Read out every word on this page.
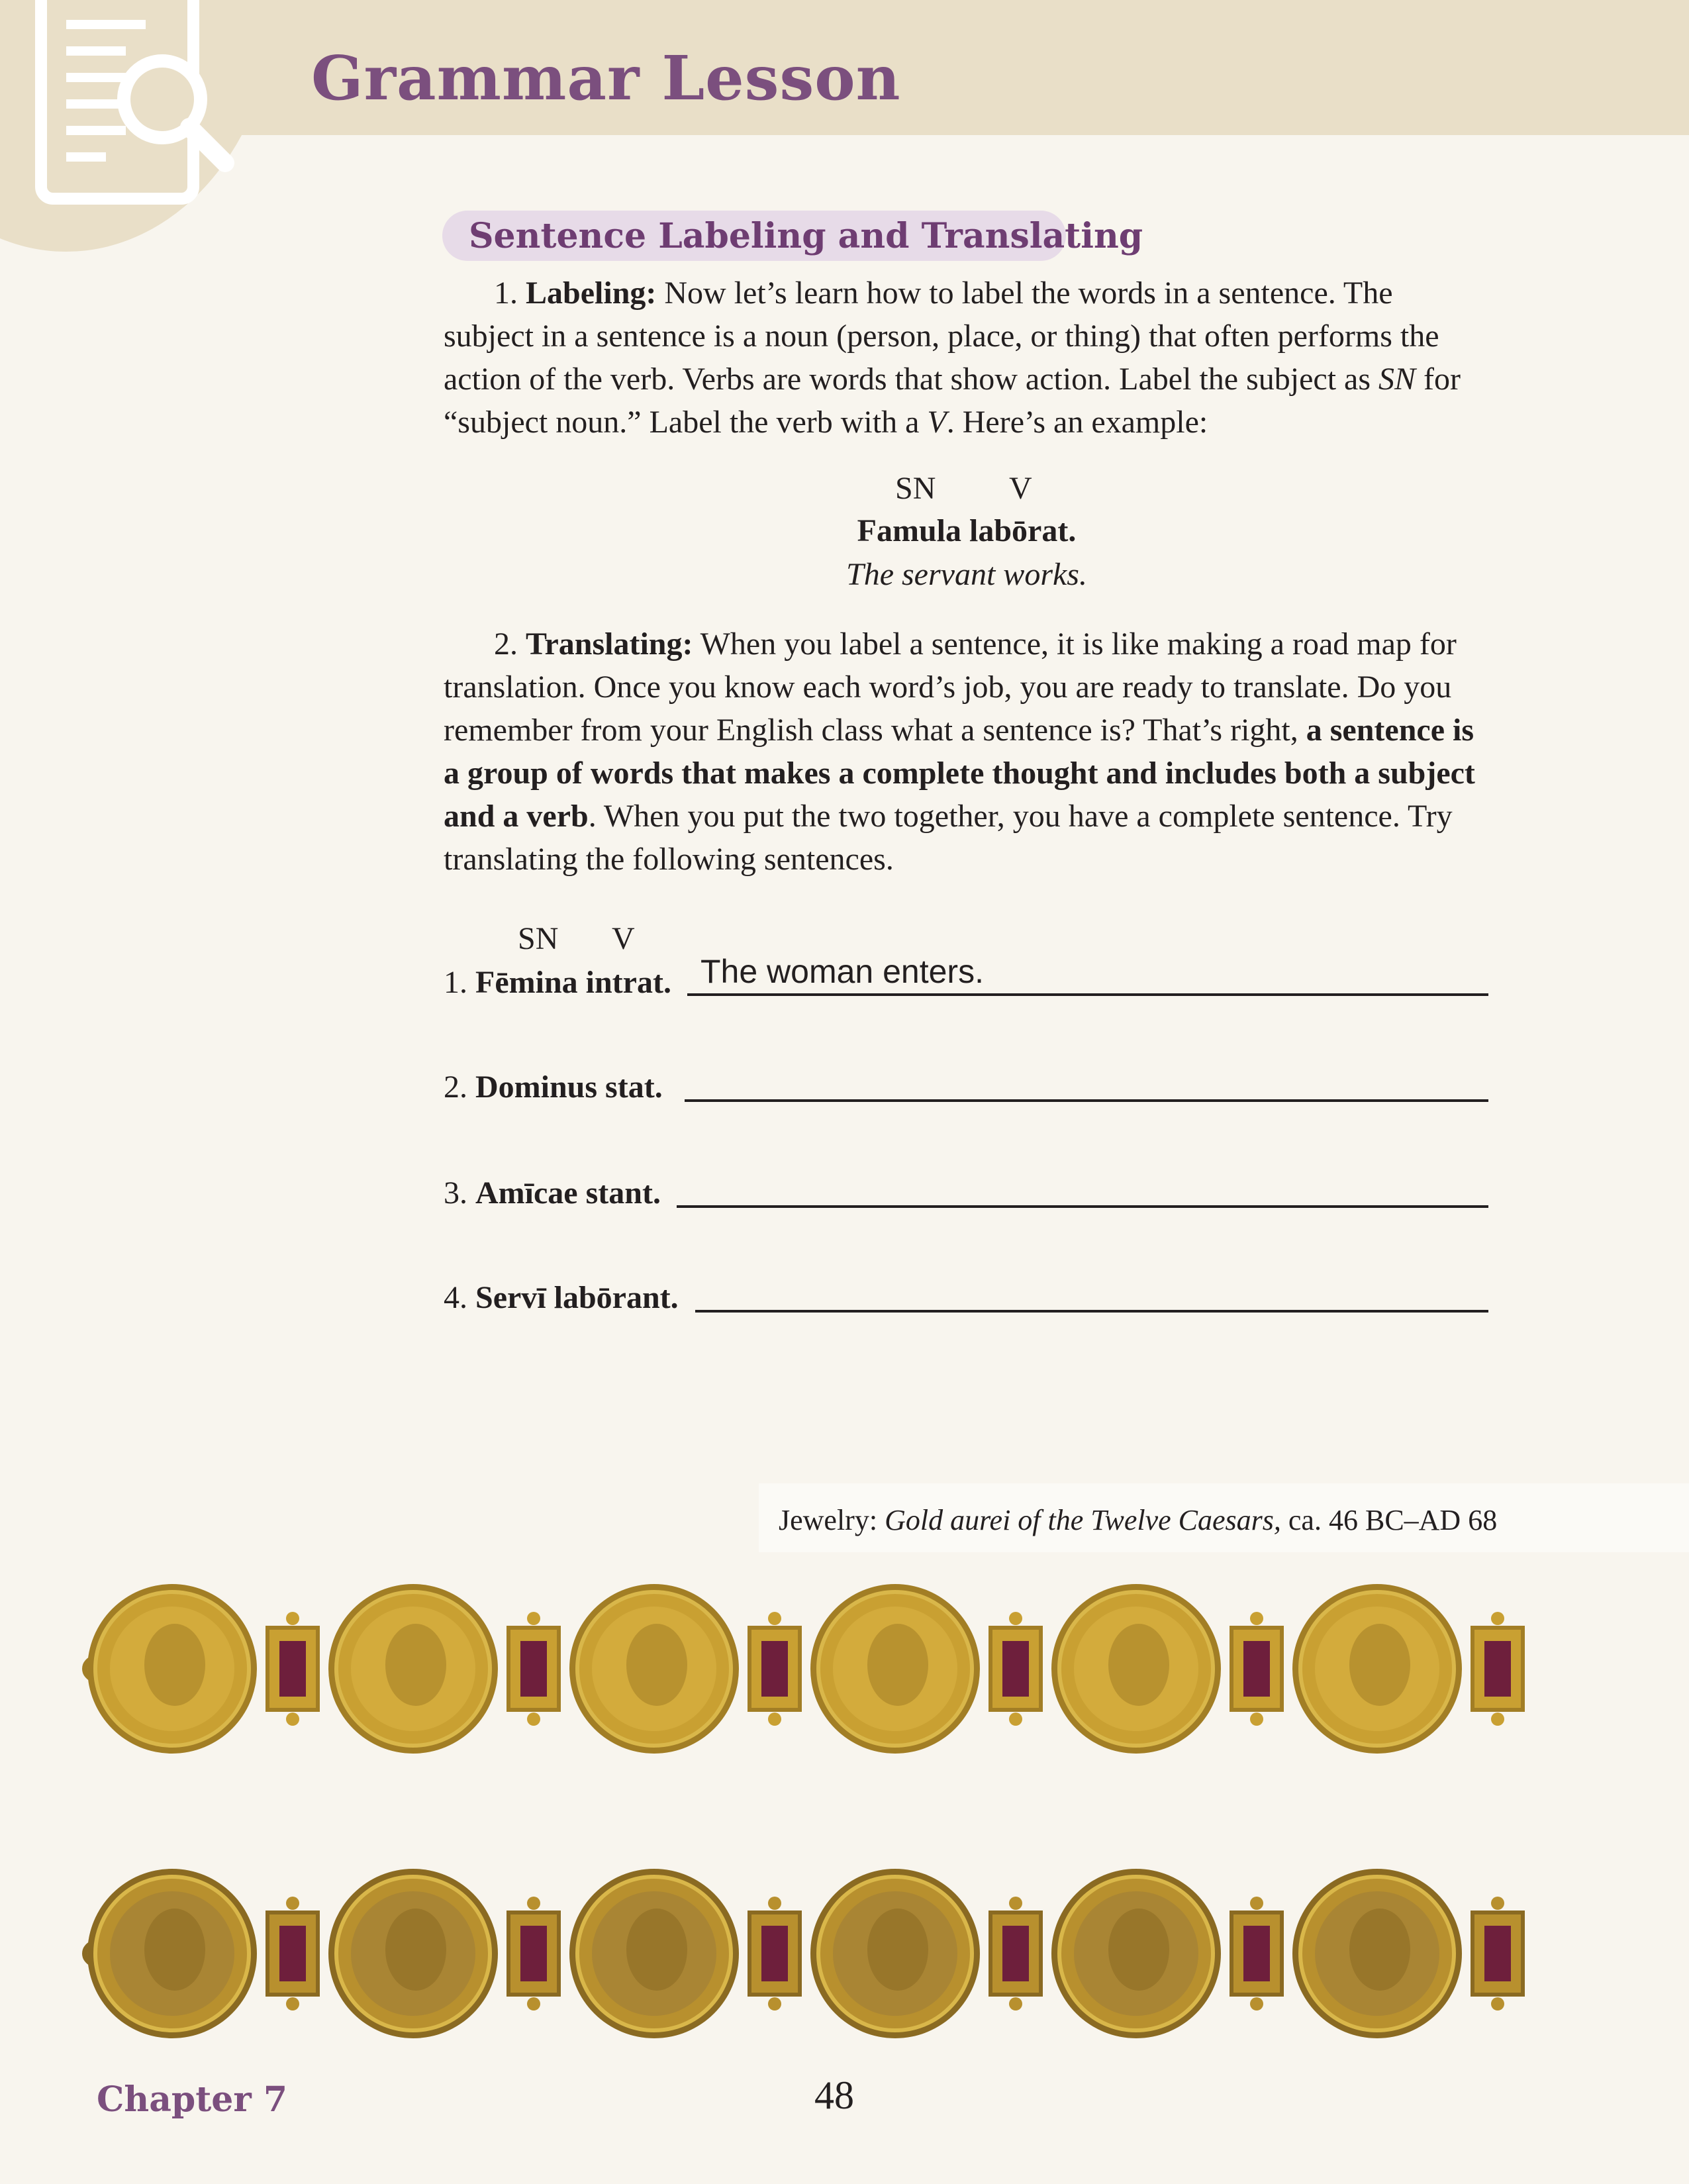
Grammar Lesson
Sentence Labeling and Translating

1. Labeling: Now let’s learn how to label the words in a sentence. The subject in a sentence is a noun (person, place, or thing) that often performs the action of the verb. Verbs are words that show action. Label the subject as SN for “subject noun.” Label the verb with a V. Here’s an example:

SN V
Famula labōrat.
The servant works.

2. Translating: When you label a sentence, it is like making a road map for translation. Once you know each word’s job, you are ready to translate. Do you remember from your English class what a sentence is? That’s right, a sentence is a group of words that makes a complete thought and includes both a subject and a verb. When you put the two together, you have a complete sentence. Try translating the following sentences.

SN V
1. Fēmina intrat. The woman enters.
2. Dominus stat.
3. Amīcae stant.
4. Servī labōrant.
Jewelry: Gold aurei of the Twelve Caesars, ca. 46 BC–AD 68
Chapter 7	48
